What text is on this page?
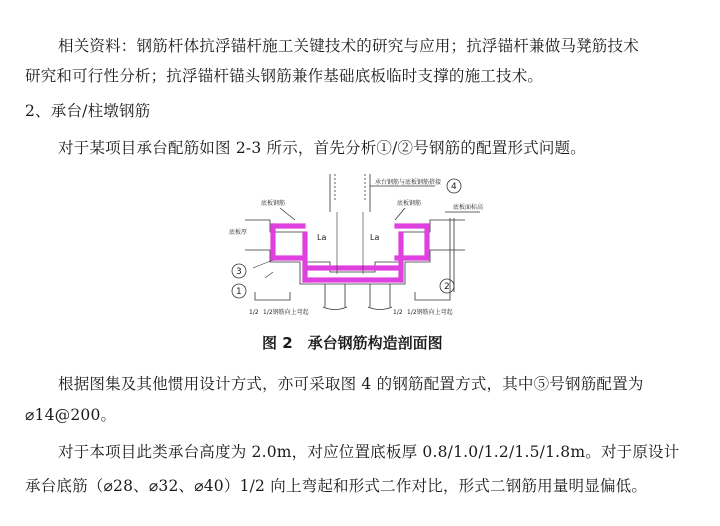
相关资料：钢筋杆体抗浮锚杆施工关键技术的研究与应用；抗浮锚杆兼做马凳筋技术
研究和可行性分析；抗浮锚杆锚头钢筋兼作基础底板临时支撑的施工技术。
2、承台/柱墩钢筋
对于某项目承台配筋如图 2-3 所示，首先分析①/②号钢筋的配置形式问题。
4
3
1	2
承台钢筋与底板钢筋搭接
底板钢筋	底板钢筋
底板面标高
底板厚
La	La
1/2 1/2钢筋向上弯起	1/2 1/2钢筋向上弯起
图 2　承台钢筋构造剖面图
根据图集及其他惯用设计方式，亦可采取图 4 的钢筋配置方式，其中⑤号钢筋配置为
⌀14@200。
对于本项目此类承台高度为 2.0m，对应位置底板厚 0.8/1.0/1.2/1.5/1.8m。对于原设计
承台底筋（⌀28、⌀32、⌀40）1/2 向上弯起和形式二作对比，形式二钢筋用量明显偏低。
